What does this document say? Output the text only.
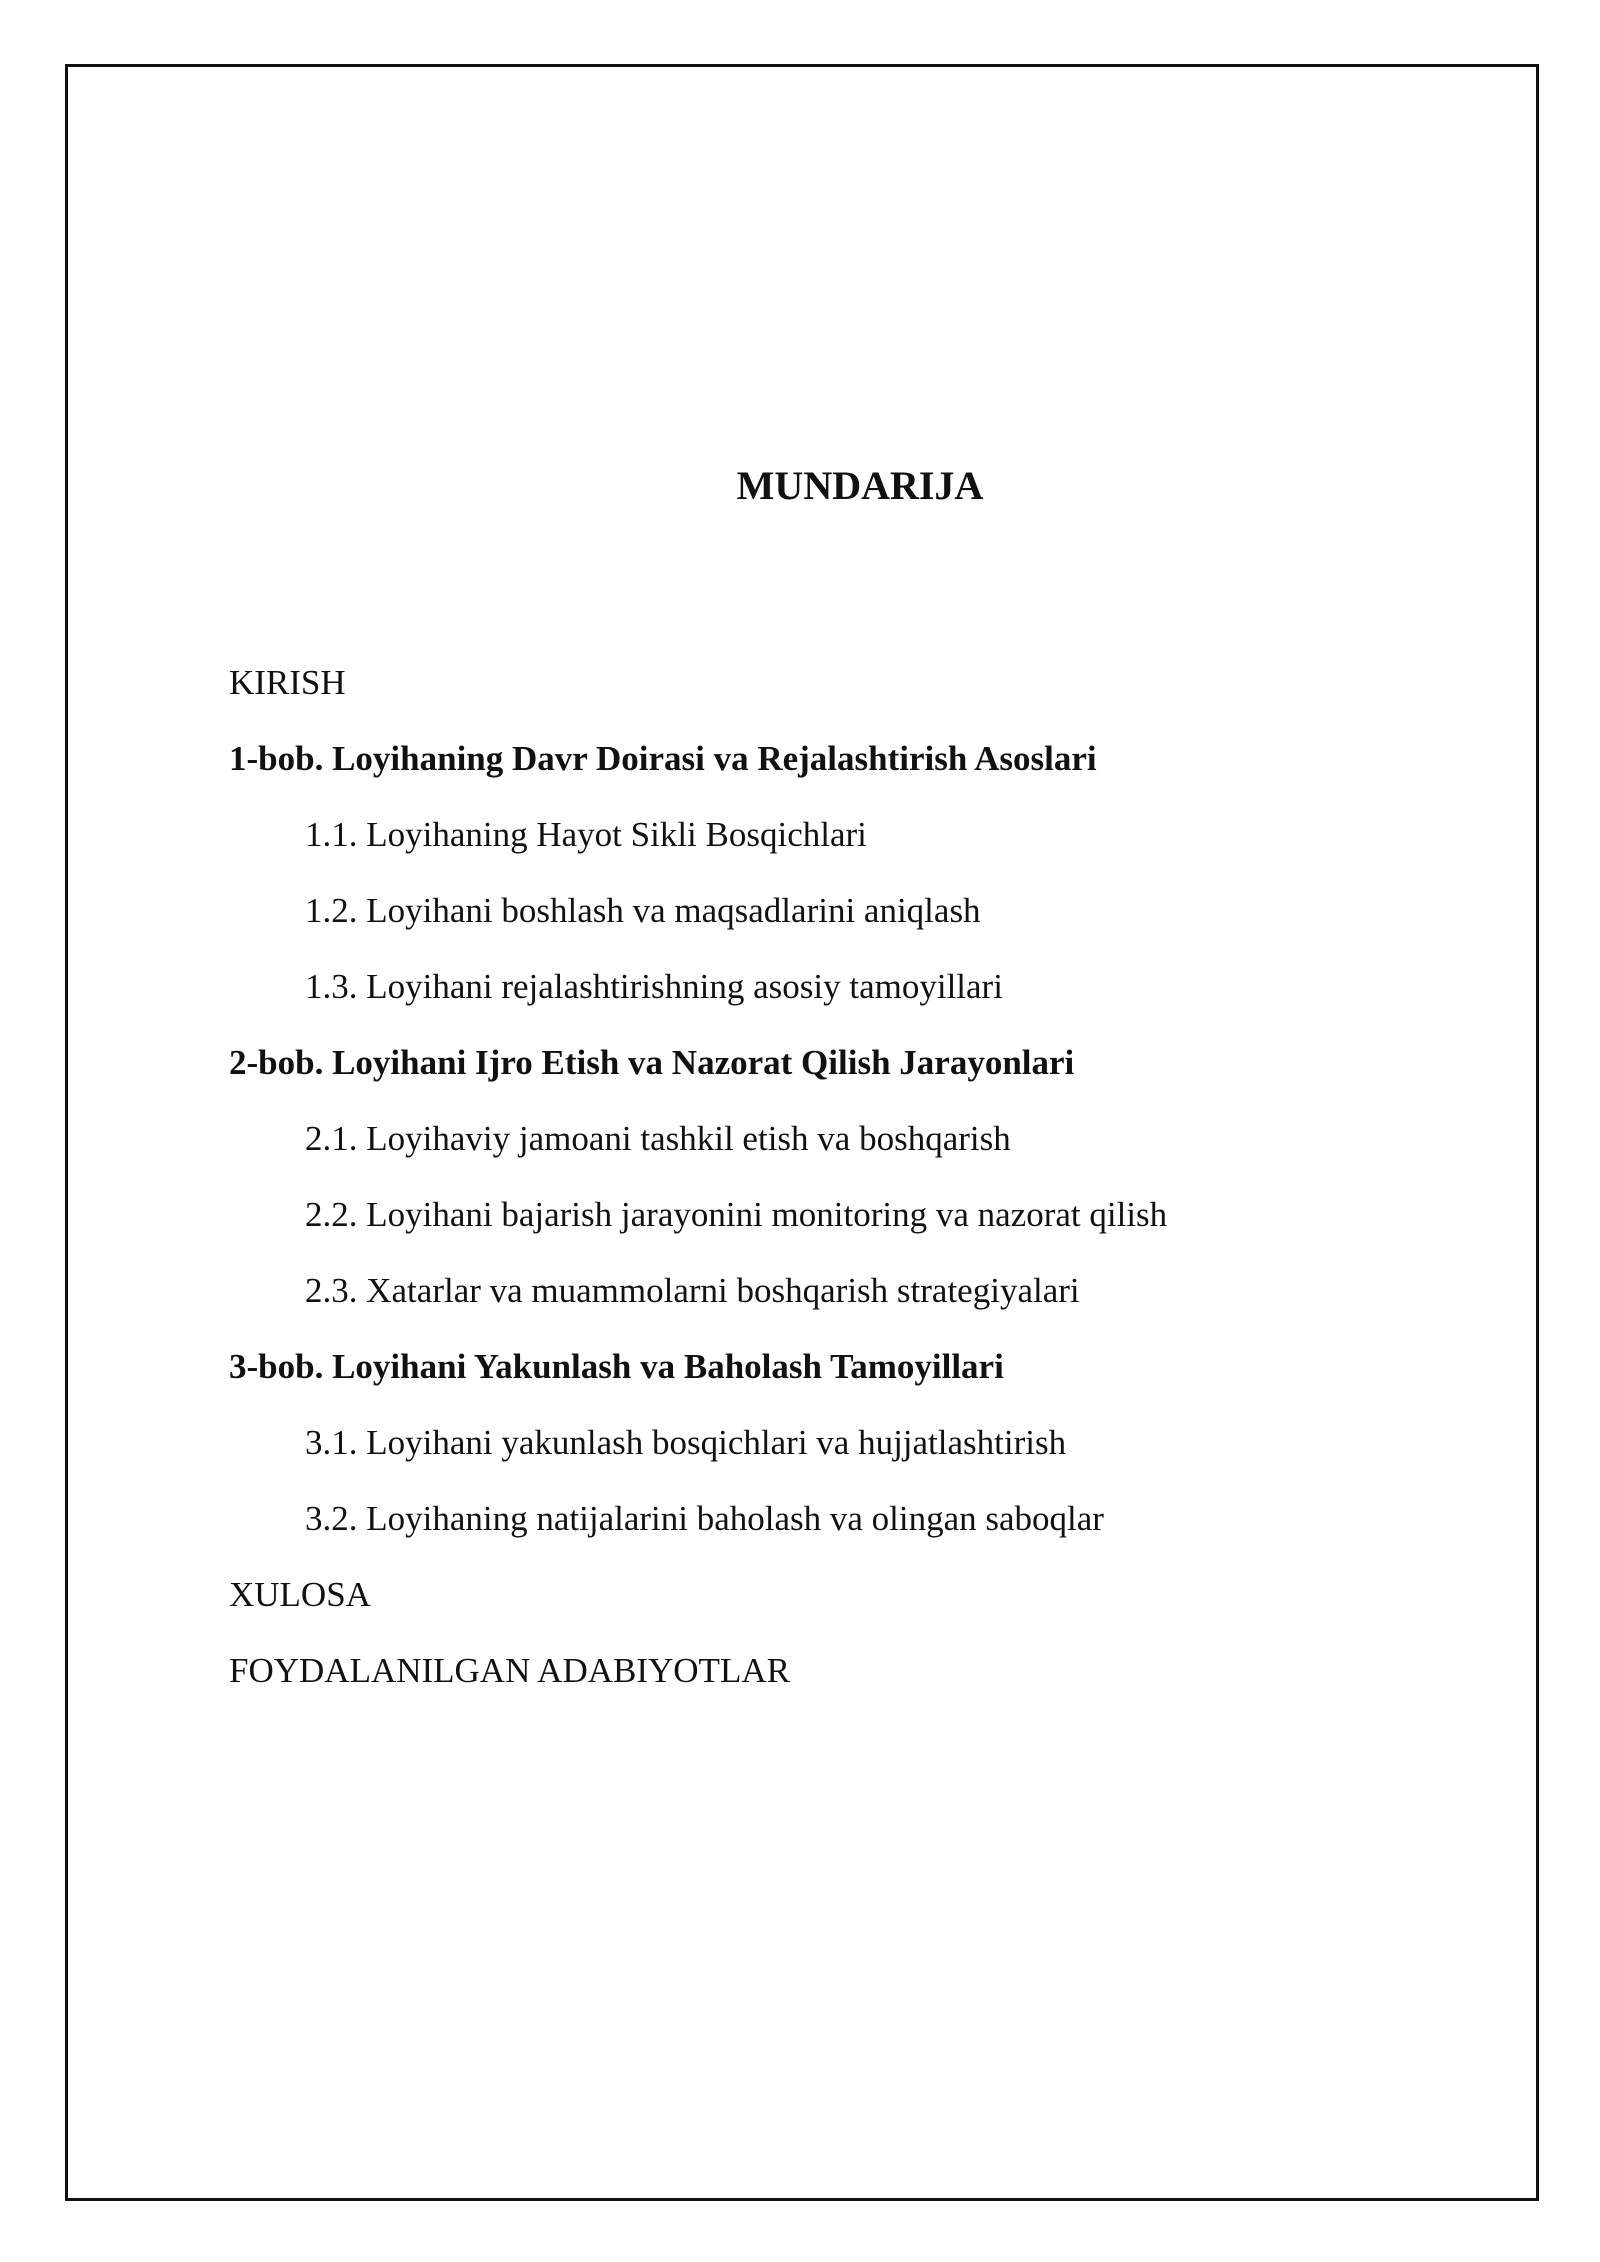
MUNDARIJA
KIRISH
1-bob. Loyihaning Davr Doirasi va Rejalashtirish Asoslari
1.1. Loyihaning Hayot Sikli Bosqichlari
1.2. Loyihani boshlash va maqsadlarini aniqlash
1.3. Loyihani rejalashtirishning asosiy tamoyillari
2-bob. Loyihani Ijro Etish va Nazorat Qilish Jarayonlari
2.1. Loyihaviy jamoani tashkil etish va boshqarish
2.2. Loyihani bajarish jarayonini monitoring va nazorat qilish
2.3. Xatarlar va muammolarni boshqarish strategiyalari
3-bob. Loyihani Yakunlash va Baholash Tamoyillari
3.1. Loyihani yakunlash bosqichlari va hujjatlashtirish
3.2. Loyihaning natijalarini baholash va olingan saboqlar
XULOSA
FOYDALANILGAN ADABIYOTLAR
